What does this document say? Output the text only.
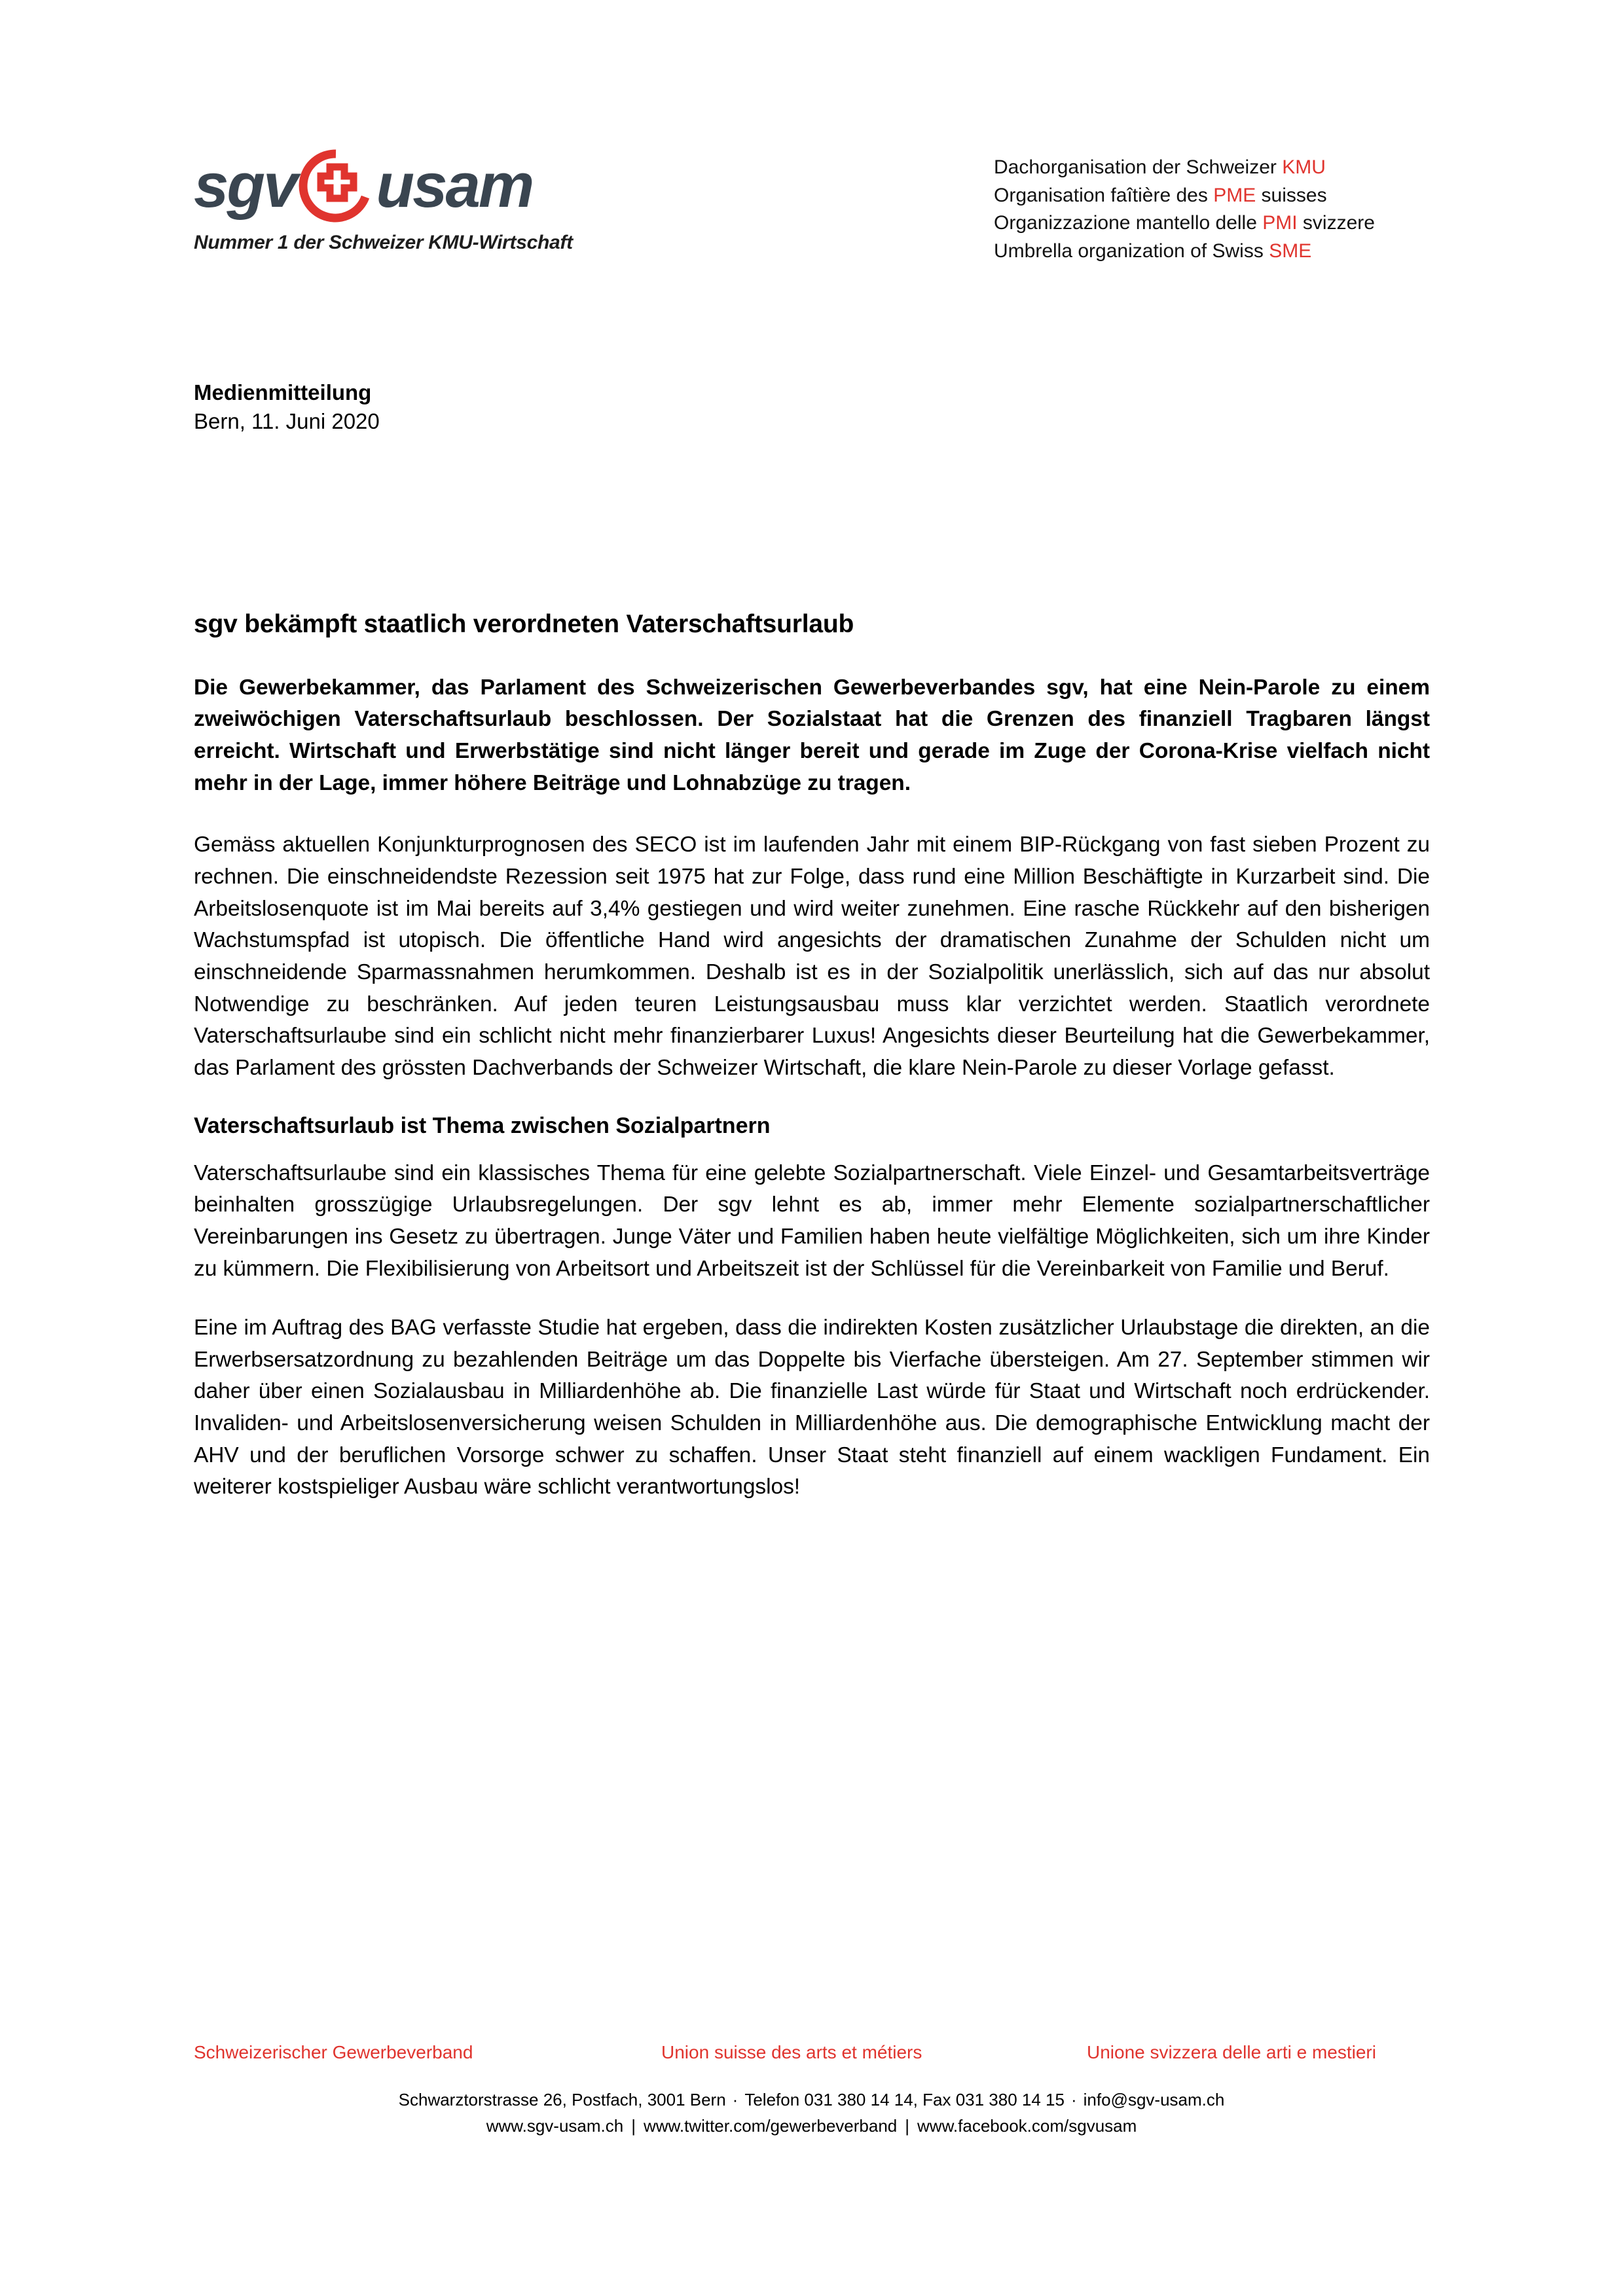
sgv usam
Nummer 1 der Schweizer KMU-Wirtschaft
Dachorganisation der Schweizer KMU
Organisation faîtière des PME suisses
Organizzazione mantello delle PMI svizzere
Umbrella organization of Swiss SME
Medienmitteilung
Bern, 11. Juni 2020
sgv bekämpft staatlich verordneten Vaterschaftsurlaub

Die Gewerbekammer, das Parlament des Schweizerischen Gewerbeverbandes sgv, hat eine Nein-Parole zu einem zweiwöchigen Vaterschaftsurlaub beschlossen. Der Sozialstaat hat die Grenzen des finanziell Tragbaren längst erreicht. Wirtschaft und Erwerbstätige sind nicht länger bereit und gerade im Zuge der Corona-Krise vielfach nicht mehr in der Lage, immer höhere Beiträge und Lohnabzüge zu tragen.

Gemäss aktuellen Konjunkturprognosen des SECO ist im laufenden Jahr mit einem BIP-Rückgang von fast sieben Prozent zu rechnen. Die einschneidendste Rezession seit 1975 hat zur Folge, dass rund eine Million Beschäftigte in Kurzarbeit sind. Die Arbeitslosenquote ist im Mai bereits auf 3,4% gestiegen und wird weiter zunehmen. Eine rasche Rückkehr auf den bisherigen Wachstumspfad ist utopisch. Die öffentliche Hand wird angesichts der dramatischen Zunahme der Schulden nicht um einschneidende Sparmassnahmen herumkommen. Deshalb ist es in der Sozialpolitik unerlässlich, sich auf das nur absolut Notwendige zu beschränken. Auf jeden teuren Leistungsausbau muss klar verzichtet werden. Staatlich verordnete Vaterschaftsurlaube sind ein schlicht nicht mehr finanzierbarer Luxus! Angesichts dieser Beurteilung hat die Gewerbekammer, das Parlament des grössten Dachverbands der Schweizer Wirtschaft, die klare Nein-Parole zu dieser Vorlage gefasst.

Vaterschaftsurlaub ist Thema zwischen Sozialpartnern

Vaterschaftsurlaube sind ein klassisches Thema für eine gelebte Sozialpartnerschaft. Viele Einzel- und Gesamtarbeitsverträge beinhalten grosszügige Urlaubsregelungen. Der sgv lehnt es ab, immer mehr Elemente sozialpartnerschaftlicher Vereinbarungen ins Gesetz zu übertragen. Junge Väter und Familien haben heute vielfältige Möglichkeiten, sich um ihre Kinder zu kümmern. Die Flexibilisierung von Arbeitsort und Arbeitszeit ist der Schlüssel für die Vereinbarkeit von Familie und Beruf.

Eine im Auftrag des BAG verfasste Studie hat ergeben, dass die indirekten Kosten zusätzlicher Urlaubstage die direkten, an die Erwerbsersatzordnung zu bezahlenden Beiträge um das Doppelte bis Vierfache übersteigen. Am 27. September stimmen wir daher über einen Sozialausbau in Milliardenhöhe ab. Die finanzielle Last würde für Staat und Wirtschaft noch erdrückender. Invaliden- und Arbeitslosenversicherung weisen Schulden in Milliardenhöhe aus. Die demographische Entwicklung macht der AHV und der beruflichen Vorsorge schwer zu schaffen. Unser Staat steht finanziell auf einem wackligen Fundament. Ein weiterer kostspieliger Ausbau wäre schlicht verantwortungslos!

Schweizerischer Gewerbeverband	Union suisse des arts et métiers	Unione svizzera delle arti e mestieri
Schwarztorstrasse 26, Postfach, 3001 Bern · Telefon 031 380 14 14, Fax 031 380 14 15 · info@sgv-usam.ch
www.sgv-usam.ch | www.twitter.com/gewerbeverband | www.facebook.com/sgvusam
